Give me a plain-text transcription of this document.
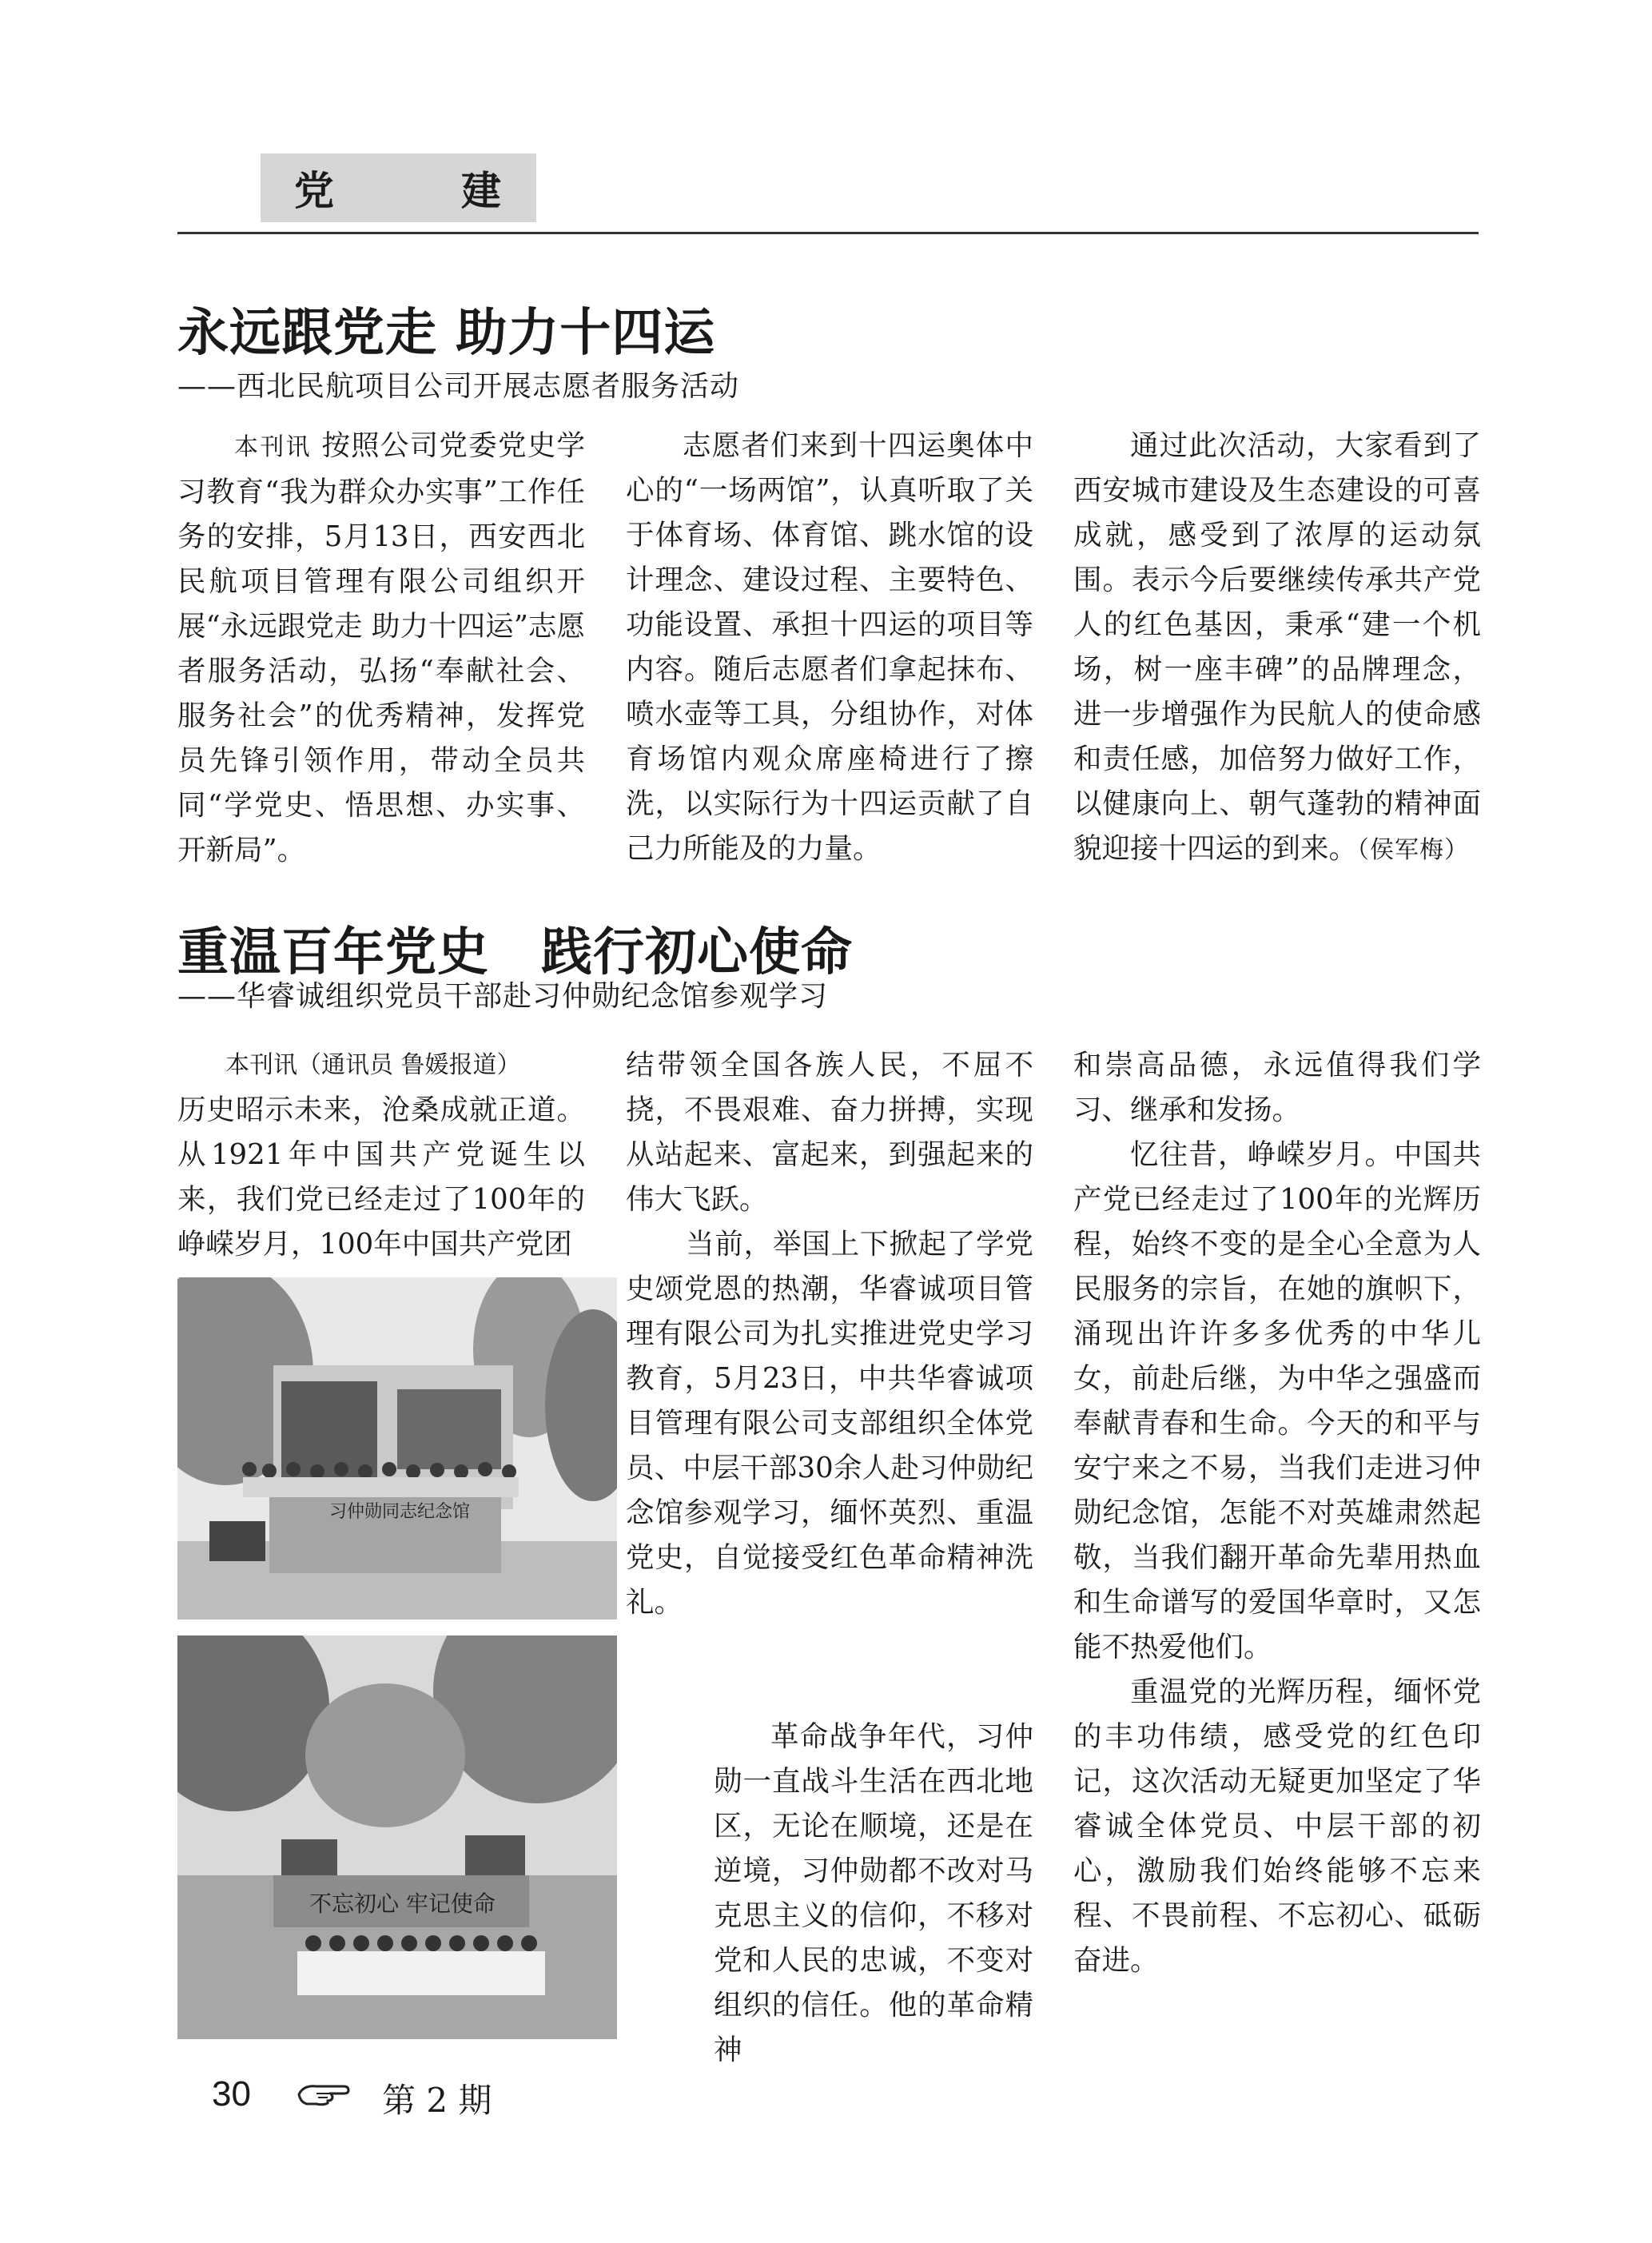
党	建
永远跟党走 助力十四运
——西北民航项目公司开展志愿者服务活动

本刊讯 按照公司党委党史学习教育“我为群众办实事”工作任务的安排，5月13日，西安西北民航项目管理有限公司组织开展“永远跟党走 助力十四运”志愿者服务活动，弘扬“奉献社会、服务社会”的优秀精神，发挥党员先锋引领作用，带动全员共同“学党史、悟思想、办实事、开新局”。

志愿者们来到十四运奥体中心的“一场两馆”，认真听取了关于体育场、体育馆、跳水馆的设计理念、建设过程、主要特色、功能设置、承担十四运的项目等内容。随后志愿者们拿起抹布、喷水壶等工具，分组协作，对体育场馆内观众席座椅进行了擦洗，以实际行为十四运贡献了自己力所能及的力量。

通过此次活动，大家看到了西安城市建设及生态建设的可喜成就，感受到了浓厚的运动氛围。表示今后要继续传承共产党人的红色基因，秉承“建一个机场，树一座丰碑”的品牌理念，进一步增强作为民航人的使命感和责任感，加倍努力做好工作，以健康向上、朝气蓬勃的精神面貌迎接十四运的到来。（侯军梅）

重温百年党史　践行初心使命
——华睿诚组织党员干部赴习仲勋纪念馆参观学习

本刊讯（通讯员 鲁媛报道）

历史昭示未来，沧桑成就正道。从1921年中国共产党诞生以来，我们党已经走过了100年的峥嵘岁月，100年中国共产党团

习仲勋同志纪念馆
不忘初心 牢记使命

结带领全国各族人民，不屈不挠，不畏艰难、奋力拼搏，实现从站起来、富起来，到强起来的伟大飞跃。

当前，举国上下掀起了学党史颂党恩的热潮，华睿诚项目管理有限公司为扎实推进党史学习教育，5月23日，中共华睿诚项目管理有限公司支部组织全体党员、中层干部30余人赴习仲勋纪念馆参观学习，缅怀英烈、重温党史，自觉接受红色革命精神洗礼。

革命战争年代，习仲勋一直战斗生活在西北地区，无论在顺境，还是在逆境，习仲勋都不改对马克思主义的信仰，不移对党和人民的忠诚，不变对组织的信任。他的革命精神

和崇高品德，永远值得我们学习、继承和发扬。

忆往昔，峥嵘岁月。中国共产党已经走过了100年的光辉历程，始终不变的是全心全意为人民服务的宗旨，在她的旗帜下，涌现出许许多多优秀的中华儿女，前赴后继，为中华之强盛而奉献青春和生命。今天的和平与安宁来之不易，当我们走进习仲勋纪念馆，怎能不对英雄肃然起敬，当我们翻开革命先辈用热血和生命谱写的爱国华章时，又怎能不热爱他们。

重温党的光辉历程，缅怀党的丰功伟绩，感受党的红色印记，这次活动无疑更加坚定了华睿诚全体党员、中层干部的初心，激励我们始终能够不忘来程、不畏前程、不忘初心、砥砺奋进。

30	第 2 期
